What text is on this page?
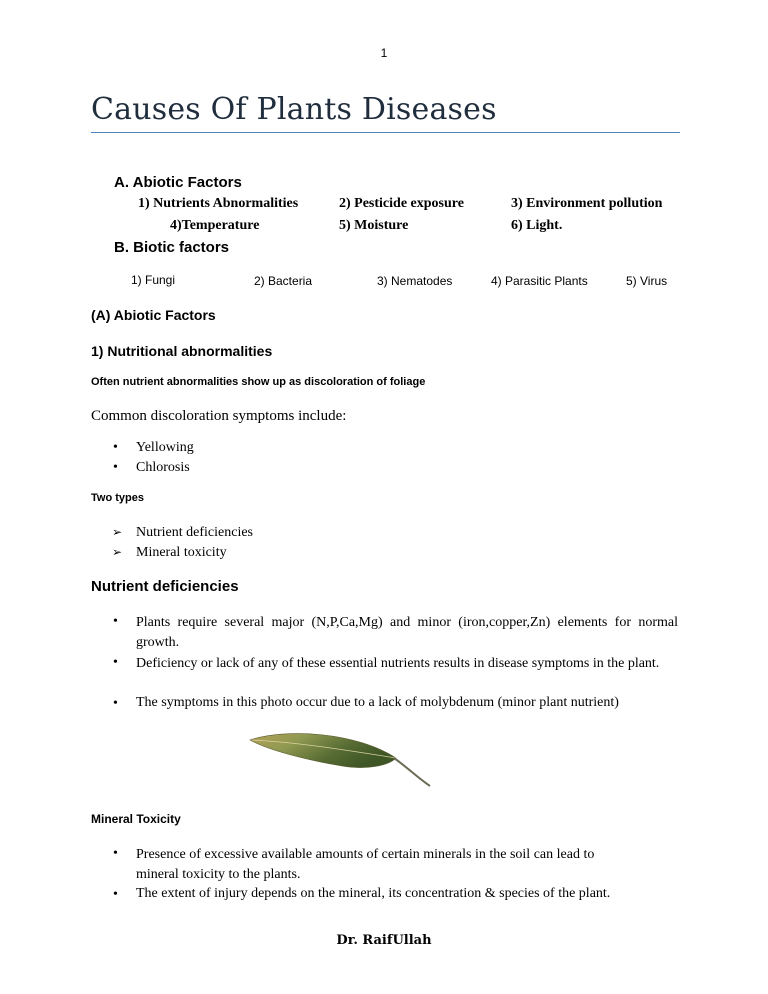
1
Causes Of Plants Diseases
A. Abiotic Factors
1) Nutrients Abnormalities	2) Pesticide exposure	3) Environment pollution
4)Temperature	5) Moisture	6) Light.
B. Biotic factors
1) Fungi	2) Bacteria	3) Nematodes	4) Parasitic Plants	5) Virus
(A) Abiotic Factors
1) Nutritional abnormalities
Often nutrient abnormalities show up as discoloration of foliage
Common discoloration symptoms include:
• Yellowing
• Chlorosis
Two types
➢ Nutrient deficiencies
➢ Mineral toxicity
Nutrient deficiencies
• Plants require several major (N,P,Ca,Mg) and minor (iron,copper,Zn) elements for normal growth.
• Deficiency or lack of any of these essential nutrients results in disease symptoms in the plant.
• The symptoms in this photo occur due to a lack of molybdenum (minor plant nutrient)
Mineral Toxicity
• Presence of excessive available amounts of certain minerals in the soil can lead to mineral toxicity to the plants.
• The extent of injury depends on the mineral, its concentration & species of the plant.
Dr. RaifUllah
